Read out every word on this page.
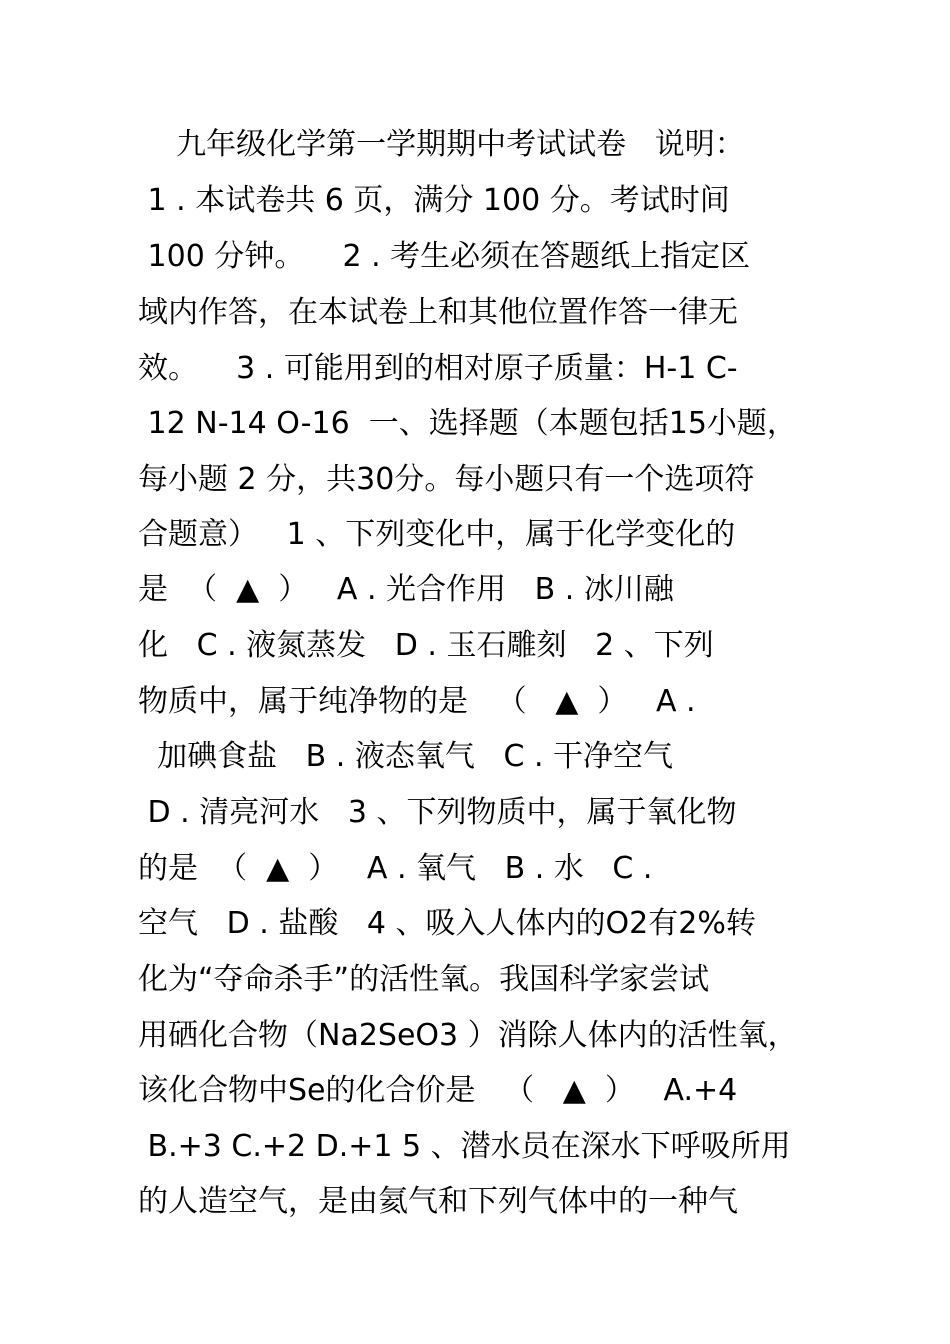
九年级化学第一学期期中考试试卷   说明：
1 . 本试卷共 6 页，满分 100 分。考试时间
100 分钟。    2 . 考生必须在答题纸上指定区
域内作答，在本试卷上和其他位置作答一律无
效。    3 . 可能用到的相对原子质量：H-1 C-
12 N-14 O-16  一、选择题（本题包括15小题，
每小题 2 分，共30分。每小题只有一个选项符
合题意）   1 、下列变化中，属于化学变化的
是  （  ▲  ）   A . 光合作用   B . 冰川融
化   C . 液氮蒸发   D . 玉石雕刻   2 、下列
物质中，属于纯净物的是   （   ▲  ）   A .
加碘食盐   B . 液态氧气   C . 干净空气
D . 清亮河水   3 、下列物质中，属于氧化物
的是  （  ▲  ）   A . 氧气   B . 水   C .
空气   D . 盐酸   4 、吸入人体内的O2有2%转
化为“夺命杀手”的活性氧。我国科学家尝试
用硒化合物（Na2SeO3 ）消除人体内的活性氧，
该化合物中Se的化合价是   （   ▲  ）   A.+4
B.+3 C.+2 D.+1 5 、潜水员在深水下呼吸所用
的人造空气，是由氦气和下列气体中的一种气
